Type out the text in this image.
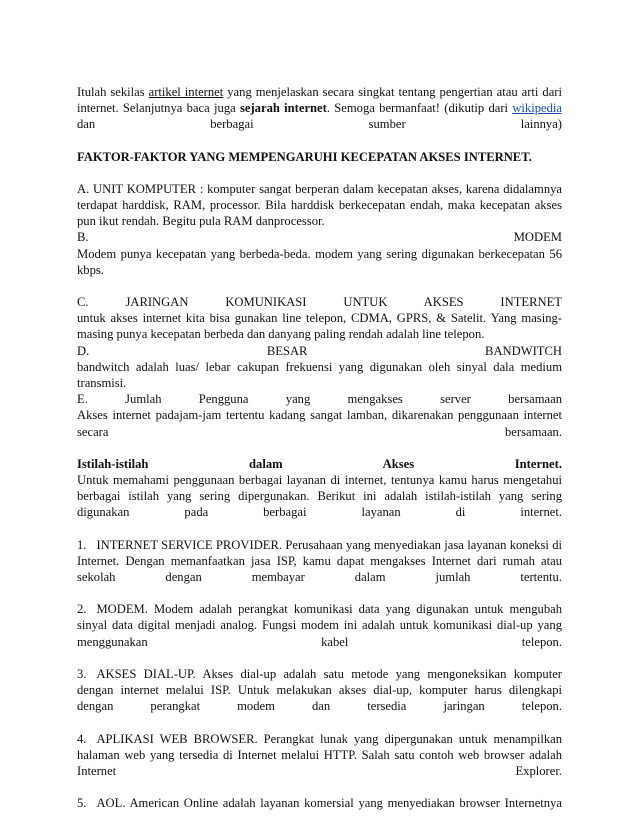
Itulah sekilas artikel internet yang menjelaskan secara singkat tentang pengertian atau arti dari internet. Selanjutnya baca juga sejarah internet. Semoga bermanfaat! (dikutip dari wikipedia

dan berbagai sumber lainnya)

FAKTOR-FAKTOR YANG MEMPENGARUHI KECEPATAN AKSES INTERNET.

A. UNIT KOMPUTER : komputer sangat berperan dalam kecepatan akses, karena didalamnya terdapat harddisk, RAM, processor. Bila harddisk berkecepatan endah, maka kecepatan akses pun ikut rendah. Begitu pula RAM danprocessor.

B. MODEM

Modem punya kecepatan yang berbeda-beda. modem yang sering digunakan berkecepatan 56 kbps.

C. JARINGAN KOMUNIKASI UNTUK AKSES INTERNET

untuk akses internet kita bisa gunakan line telepon, CDMA, GPRS, & Satelit. Yang masing-masing punya kecepatan berbeda dan danyang paling rendah adalah line telepon.

D. BESAR BANDWITCH

bandwitch adalah luas/ lebar cakupan frekuensi yang digunakan oleh sinyal dala medium transmisi.

E. Jumlah Pengguna yang mengakses server bersamaan

Akses internet padajam-jam tertentu kadang sangat lamban, dikarenakan penggunaan internet secara bersamaan.

Istilah-istilah dalam Akses Internet.

Untuk memahami penggunaan berbagai layanan di internet, tentunya kamu harus mengetahui berbagai istilah yang sering dipergunakan. Berikut ini adalah istilah-istilah yang sering digunakan pada berbagai layanan di internet.

1. INTERNET SERVICE PROVIDER. Perusahaan yang menyediakan jasa layanan koneksi di Internet. Dengan memanfaatkan jasa ISP, kamu dapat mengakses Internet dari rumah atau sekolah dengan membayar dalam jumlah tertentu.

2. MODEM. Modem adalah perangkat komunikasi data yang digunakan untuk mengubah sinyal data digital menjadi analog. Fungsi modem ini adalah untuk komunikasi dial-up yang menggunakan kabel telepon.

3. AKSES DIAL-UP. Akses dial-up adalah satu metode yang mengoneksikan komputer dengan internet melalui ISP. Untuk melakukan akses dial-up, komputer harus dilengkapi dengan perangkat modem dan tersedia jaringan telepon.

4. APLIKASI WEB BROWSER. Perangkat lunak yang dipergunakan untuk menampilkan halaman web yang tersedia di Internet melalui HTTP. Salah satu contoh web browser adalah Internet Explorer.

5. AOL. American Online adalah layanan komersial yang menyediakan browser Internetnya
